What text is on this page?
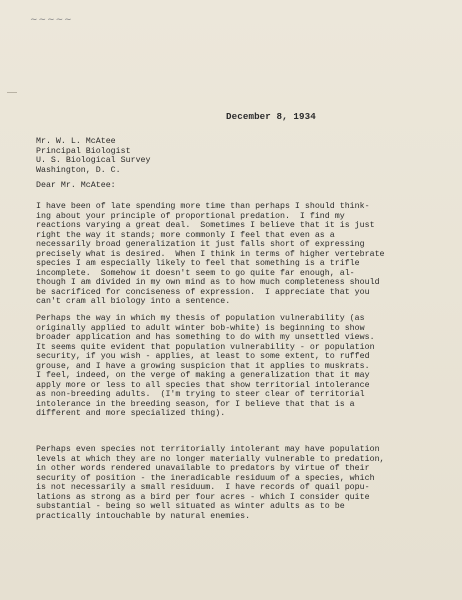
~~~~~
December 8, 1934
Mr. W. L. McAtee
Principal Biologist
U. S. Biological Survey
Washington, D. C.
Dear Mr. McAtee:
I have been of late spending more time than perhaps I should think-
ing about your principle of proportional predation.  I find my
reactions varying a great deal.  Sometimes I believe that it is just
right the way it stands; more commonly I feel that even as a
necessarily broad generalization it just falls short of expressing
precisely what is desired.  When I think in terms of higher vertebrate
species I am especially likely to feel that something is a trifle
incomplete.  Somehow it doesn't seem to go quite far enough, al-
though I am divided in my own mind as to how much completeness should
be sacrificed for conciseness of expression.  I appreciate that you
can't cram all biology into a sentence.
Perhaps the way in which my thesis of population vulnerability (as
originally applied to adult winter bob-white) is beginning to show
broader application and has something to do with my unsettled views.
It seems quite evident that population vulnerability - or population
security, if you wish - applies, at least to some extent, to ruffed
grouse, and I have a growing suspicion that it applies to muskrats.
I feel, indeed, on the verge of making a generalization that it may
apply more or less to all species that show territorial intolerance
as non-breeding adults.  (I'm trying to steer clear of territorial
intolerance in the breeding season, for I believe that that is a
different and more specialized thing).
Perhaps even species not territorially intolerant may have population
levels at which they are no longer materially vulnerable to predation,
in other words rendered unavailable to predators by virtue of their
security of position - the ineradicable residuum of a species, which
is not necessarily a small residuum.  I have records of quail popu-
lations as strong as a bird per four acres - which I consider quite
substantial - being so well situated as winter adults as to be
practically intouchable by natural enemies.
